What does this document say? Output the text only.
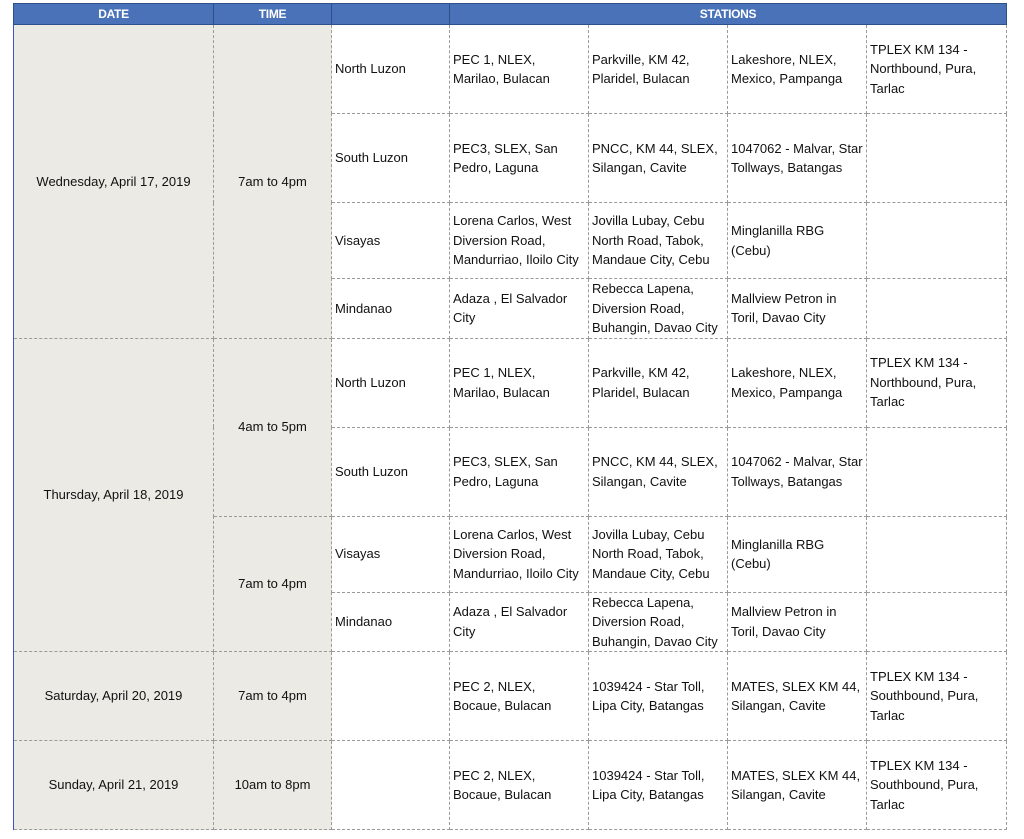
DATE	TIME		STATIONS			
Wednesday, April 17, 2019	7am to 4pm	North Luzon	PEC 1, NLEX, Marilao, Bulacan	Parkville, KM 42, Plaridel, Bulacan	Lakeshore, NLEX, Mexico, Pampanga	TPLEX KM 134 - Northbound, Pura, Tarlac
		South Luzon	PEC3, SLEX, San Pedro, Laguna	PNCC, KM 44, SLEX, Silangan, Cavite	1047062 - Malvar, Star Tollways, Batangas	
		Visayas	Lorena Carlos, West Diversion Road, Mandurriao, Iloilo City	Jovilla Lubay, Cebu North Road, Tabok, Mandaue City, Cebu	Minglanilla RBG (Cebu)	
		Mindanao	Adaza , El Salvador City	Rebecca Lapena, Diversion Road, Buhangin, Davao City	Mallview Petron in Toril, Davao City	
Thursday, April 18, 2019	4am to 5pm	North Luzon	PEC 1, NLEX, Marilao, Bulacan	Parkville, KM 42, Plaridel, Bulacan	Lakeshore, NLEX, Mexico, Pampanga	TPLEX KM 134 - Northbound, Pura, Tarlac
		South Luzon	PEC3, SLEX, San Pedro, Laguna	PNCC, KM 44, SLEX, Silangan, Cavite	1047062 - Malvar, Star Tollways, Batangas	
	7am to 4pm	Visayas	Lorena Carlos, West Diversion Road, Mandurriao, Iloilo City	Jovilla Lubay, Cebu North Road, Tabok, Mandaue City, Cebu	Minglanilla RBG (Cebu)	
		Mindanao	Adaza , El Salvador City	Rebecca Lapena, Diversion Road, Buhangin, Davao City	Mallview Petron in Toril, Davao City	
Saturday, April 20, 2019	7am to 4pm		PEC 2, NLEX, Bocaue, Bulacan	1039424 - Star Toll, Lipa City, Batangas	MATES, SLEX KM 44, Silangan, Cavite	TPLEX KM 134 - Southbound, Pura, Tarlac
Sunday, April 21, 2019	10am to 8pm		PEC 2, NLEX, Bocaue, Bulacan	1039424 - Star Toll, Lipa City, Batangas	MATES, SLEX KM 44, Silangan, Cavite	TPLEX KM 134 - Southbound, Pura, Tarlac
